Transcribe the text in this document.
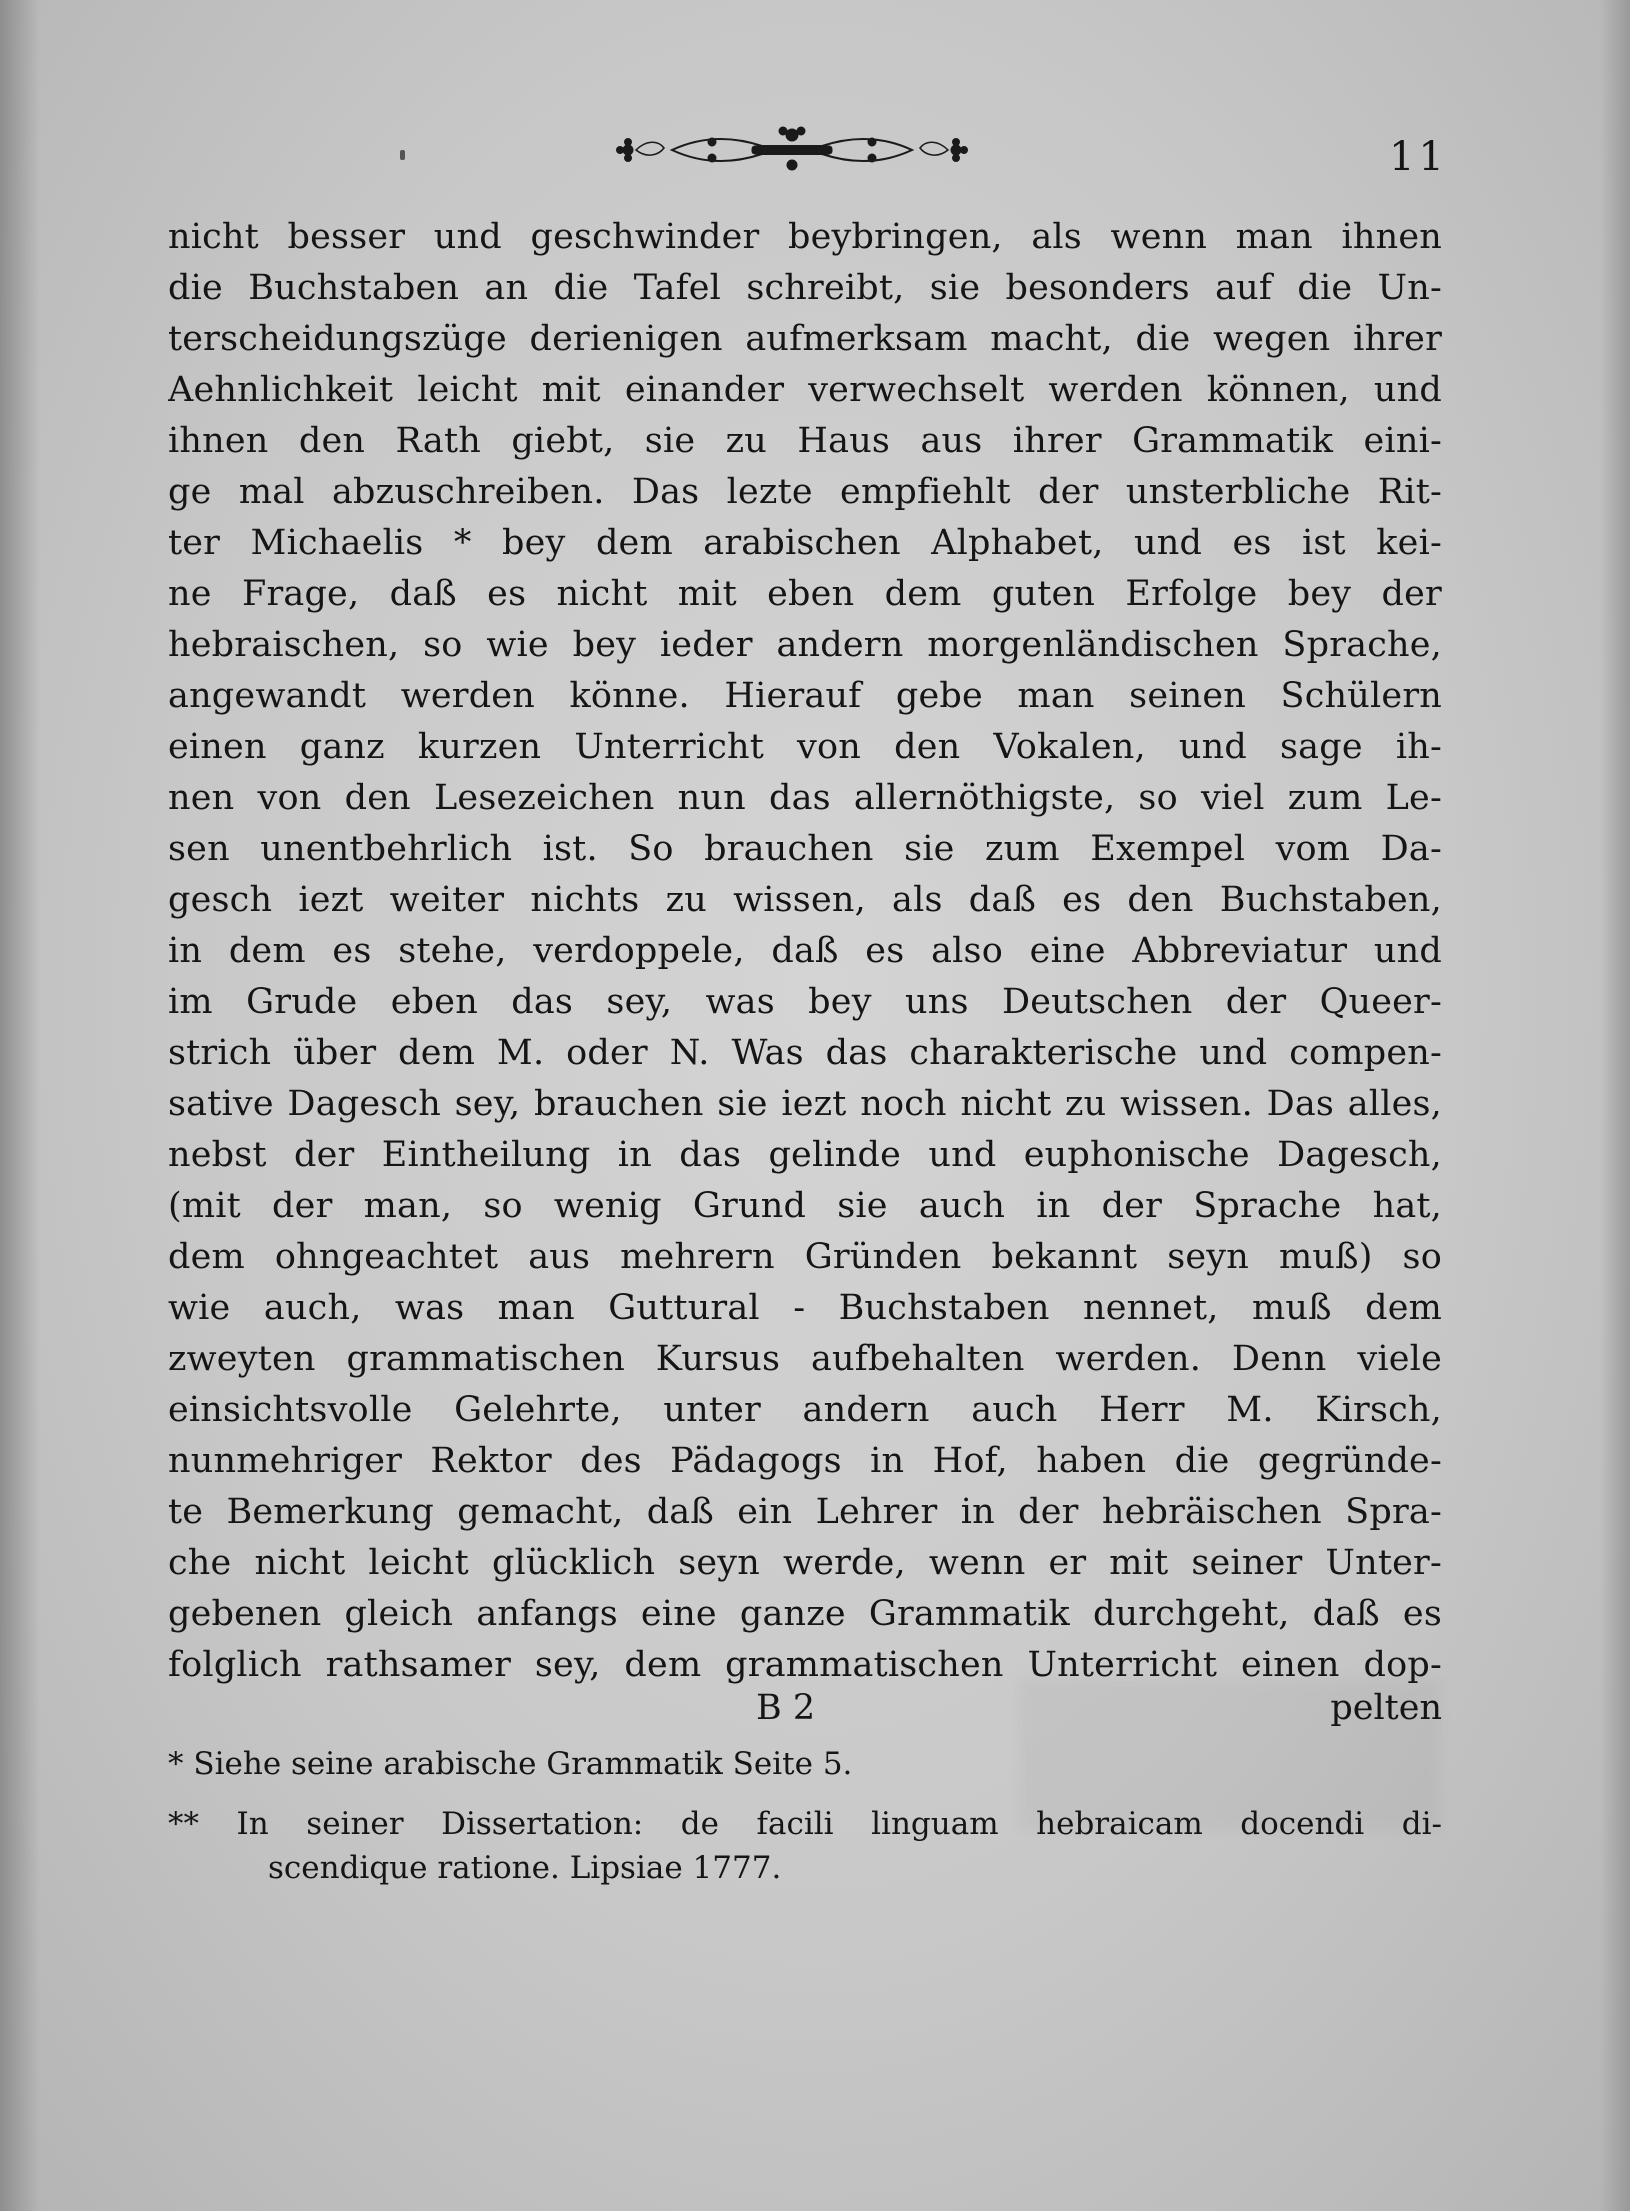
11
nicht besser und geschwinder beybringen, als wenn man ihnen
die Buchstaben an die Tafel schreibt, sie besonders auf die Un-
terscheidungszüge derienigen aufmerksam macht, die wegen ihrer
Aehnlichkeit leicht mit einander verwechselt werden können, und
ihnen den Rath giebt, sie zu Haus aus ihrer Grammatik eini-
ge mal abzuschreiben. Das lezte empfiehlt der unsterbliche Rit-
ter Michaelis * bey dem arabischen Alphabet, und es ist kei-
ne Frage, daß es nicht mit eben dem guten Erfolge bey der
hebraischen, so wie bey ieder andern morgenländischen Sprache,
angewandt werden könne. Hierauf gebe man seinen Schülern
einen ganz kurzen Unterricht von den Vokalen, und sage ih-
nen von den Lesezeichen nun das allernöthigste, so viel zum Le-
sen unentbehrlich ist. So brauchen sie zum Exempel vom Da-
gesch iezt weiter nichts zu wissen, als daß es den Buchstaben,
in dem es stehe, verdoppele, daß es also eine Abbreviatur und
im Grude eben das sey, was bey uns Deutschen der Queer-
strich über dem M. oder N. Was das charakterische und compen-
sative Dagesch sey, brauchen sie iezt noch nicht zu wissen. Das alles,
nebst der Eintheilung in das gelinde und euphonische Dagesch,
(mit der man, so wenig Grund sie auch in der Sprache hat,
dem ohngeachtet aus mehrern Gründen bekannt seyn muß) so
wie auch, was man Guttural - Buchstaben nennet, muß dem
zweyten grammatischen Kursus aufbehalten werden. Denn viele
einsichtsvolle Gelehrte, unter andern auch Herr M. Kirsch,
nunmehriger Rektor des Pädagogs in Hof, haben die gegründe-
te Bemerkung gemacht, daß ein Lehrer in der hebräischen Spra-
che nicht leicht glücklich seyn werde, wenn er mit seiner Unter-
gebenen gleich anfangs eine ganze Grammatik durchgeht, daß es
folglich rathsamer sey, dem grammatischen Unterricht einen dop-
B 2	pelten
* Siehe seine arabische Grammatik Seite 5.
** In seiner Dissertation: de facili linguam hebraicam docendi di-
scendique ratione. Lipsiae 1777.
